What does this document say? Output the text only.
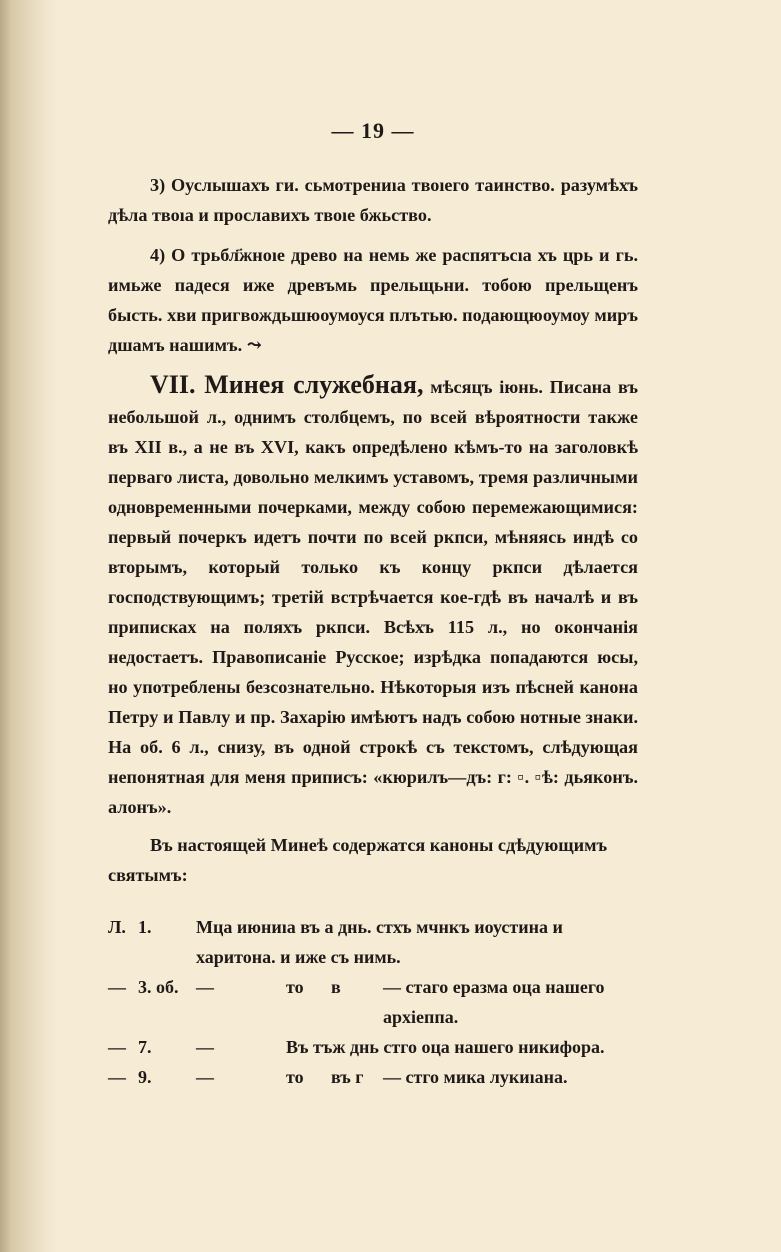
— 19 —

3) Оуслышахъ ги. сьмотрениıа твоıего таинство. разумѣхъ дѣла твоıа и прославихъ твоıе бжьство.

4) О трьбл҃жноıе древо на немь же распятъсıа хъ црь и гь. имьже падеся иже древъмь прельщьни. тобою прельщенъ бысть. хви пригвождьшюоумоуся плътью. подающюоумоу миръ дшамъ нашимъ. ⤳

VII. Минея служебная, мѣсяцъ іюнь. Писана въ небольшой л., однимъ столбцемъ, по всей вѣроятности также въ XII в., а не въ XVI, какъ опредѣлено кѣмъ-то на заголовкѣ перваго листа, довольно мелкимъ уставомъ, тремя различными одновременными почерками, между собою перемежающимися: первый почеркъ идетъ почти по всей ркпси, мѣняясь индѣ со вторымъ, который только къ концу ркпси дѣлается господствующимъ; третій встрѣчается кое-гдѣ въ началѣ и въ приписках на поляхъ ркпси. Всѣхъ 115 л., но окончанія недостаетъ. Правописаніе Русское; изрѣдка попадаются юсы, но употреблены безсознательно. Нѣкоторыя изъ пѣсней канона Петру и Павлу и пр. Захарію имѣютъ надъ собою нотные знаки. На об. 6 л., снизу, въ одной строкѣ съ текстомъ, слѣдующая непонятная для меня приписъ: «кюрилъ—дъ: г: ▫. ▫ѣ: дьяконъ. алонъ».

Въ настоящей Минеѣ содержатся каноны сдѣдующимъ святымъ:

Л. 1.	Мца июниıа въ а днь. стхъ мчнкъ иоустина и харитона. и иже съ нимь.
— 3. об. —	то	в	— стаго еразма оца нашего архіеппа.
— 7.	—	Въ тъж днь стго оца нашего никифора.
— 9.	—	то	въ г	— стго мика лукиıана.
